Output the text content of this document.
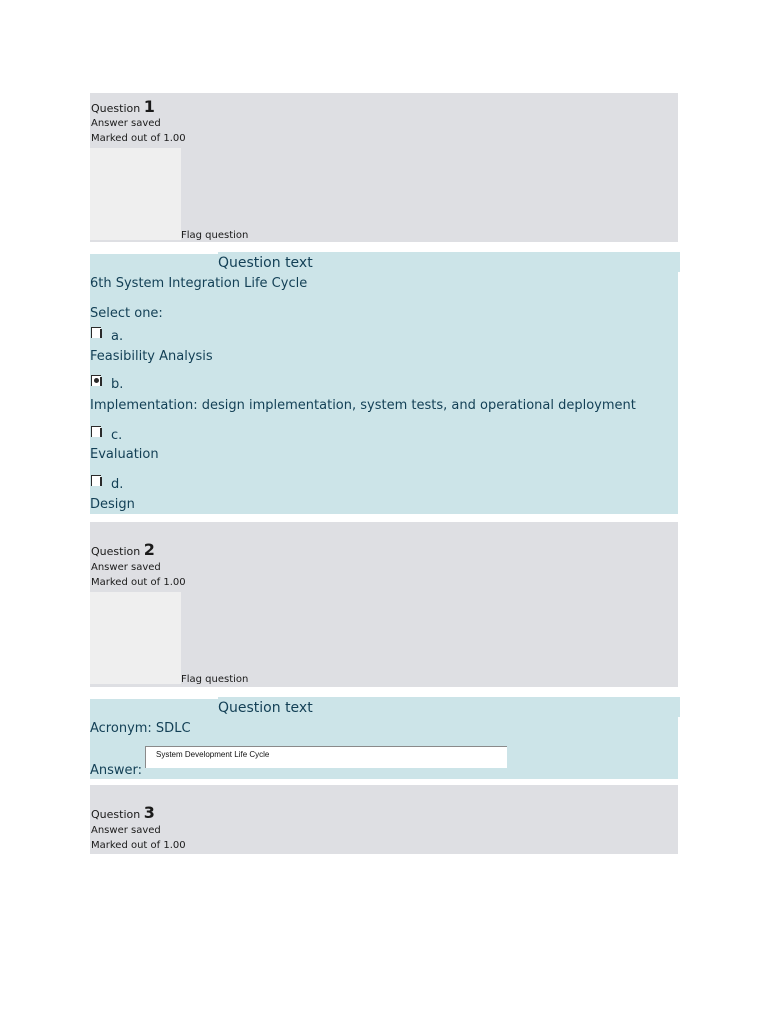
Question 1
Answer saved
Marked out of 1.00
Flag question
Question text
6th System Integration Life Cycle
Select one:
a.
Feasibility Analysis
b.
Implementation: design implementation, system tests, and operational deployment
c.
Evaluation
d.
Design
Question 2
Answer saved
Marked out of 1.00
Flag question
Question text
Acronym: SDLC
Answer:
System Development Life Cycle
Question 3
Answer saved
Marked out of 1.00
